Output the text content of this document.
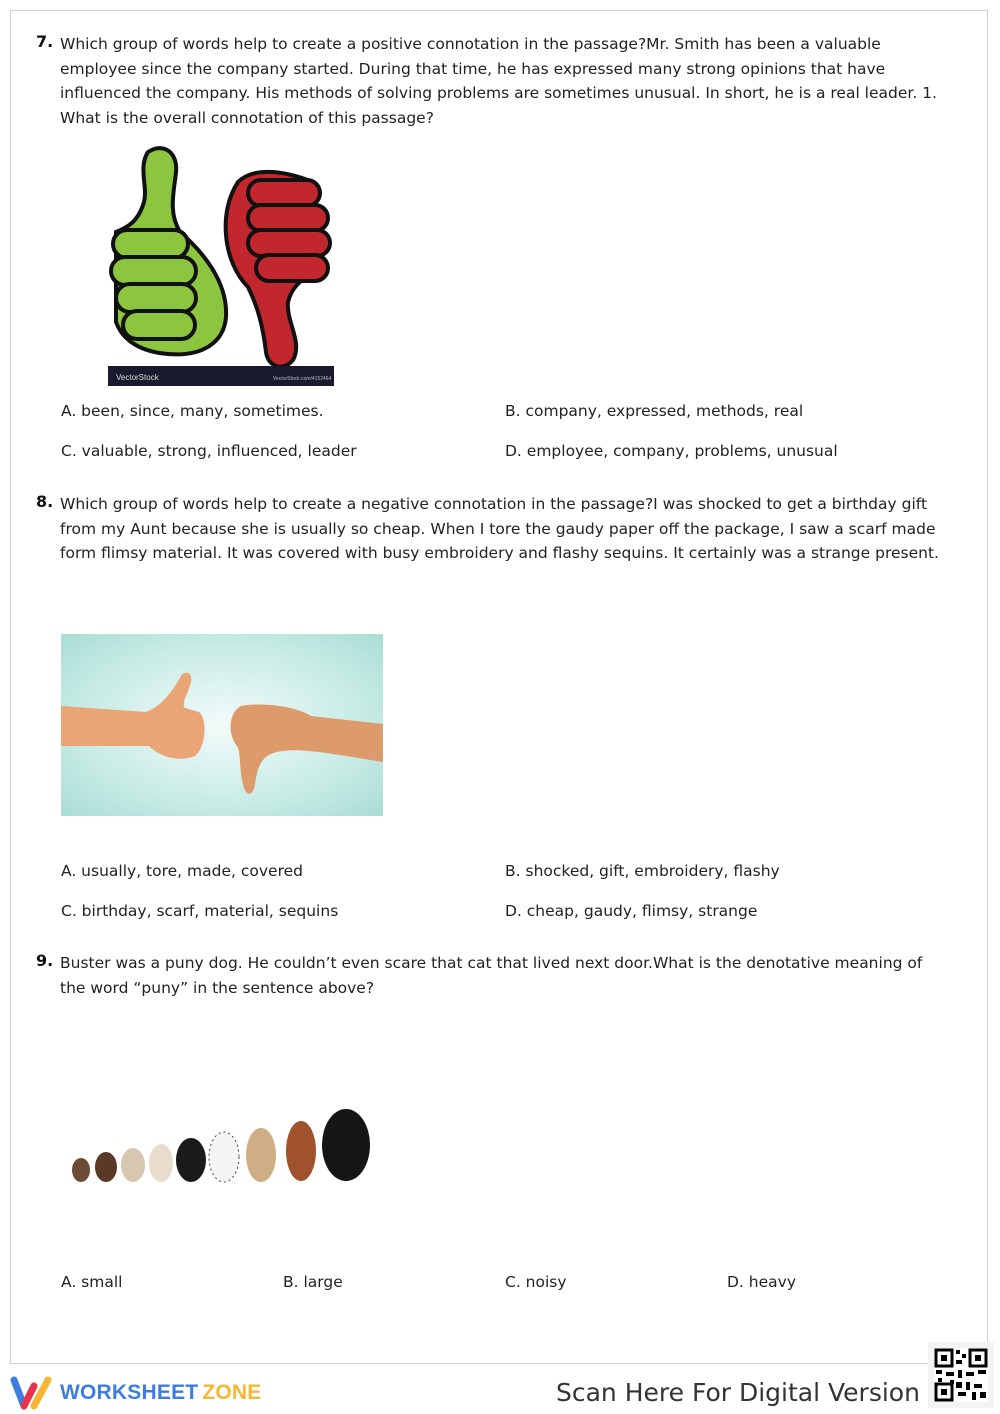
7. Which group of words help to create a positive connotation in the passage?Mr. Smith has been a valuable employee since the company started. During that time, he has expressed many strong opinions that have influenced the company. His methods of solving problems are sometimes unusual. In short, he is a real leader. 1. What is the overall connotation of this passage?
VectorStock	VectorStock.com/4152464
A. been, since, many, sometimes.	B. company, expressed, methods, real
C. valuable, strong, influenced, leader	D. employee, company, problems, unusual
8. Which group of words help to create a negative connotation in the passage?I was shocked to get a birthday gift from my Aunt because she is usually so cheap. When I tore the gaudy paper off the package, I saw a scarf made form flimsy material. It was covered with busy embroidery and flashy sequins. It certainly was a strange present.
A. usually, tore, made, covered	B. shocked, gift, embroidery, flashy
C. birthday, scarf, material, sequins	D. cheap, gaudy, flimsy, strange
9. Buster was a puny dog. He couldn’t even scare that cat that lived next door.What is the denotative meaning of the word “puny” in the sentence above?
A. small	B. large	C. noisy	D. heavy
WORKSHEET ZONE	Scan Here For Digital Version
